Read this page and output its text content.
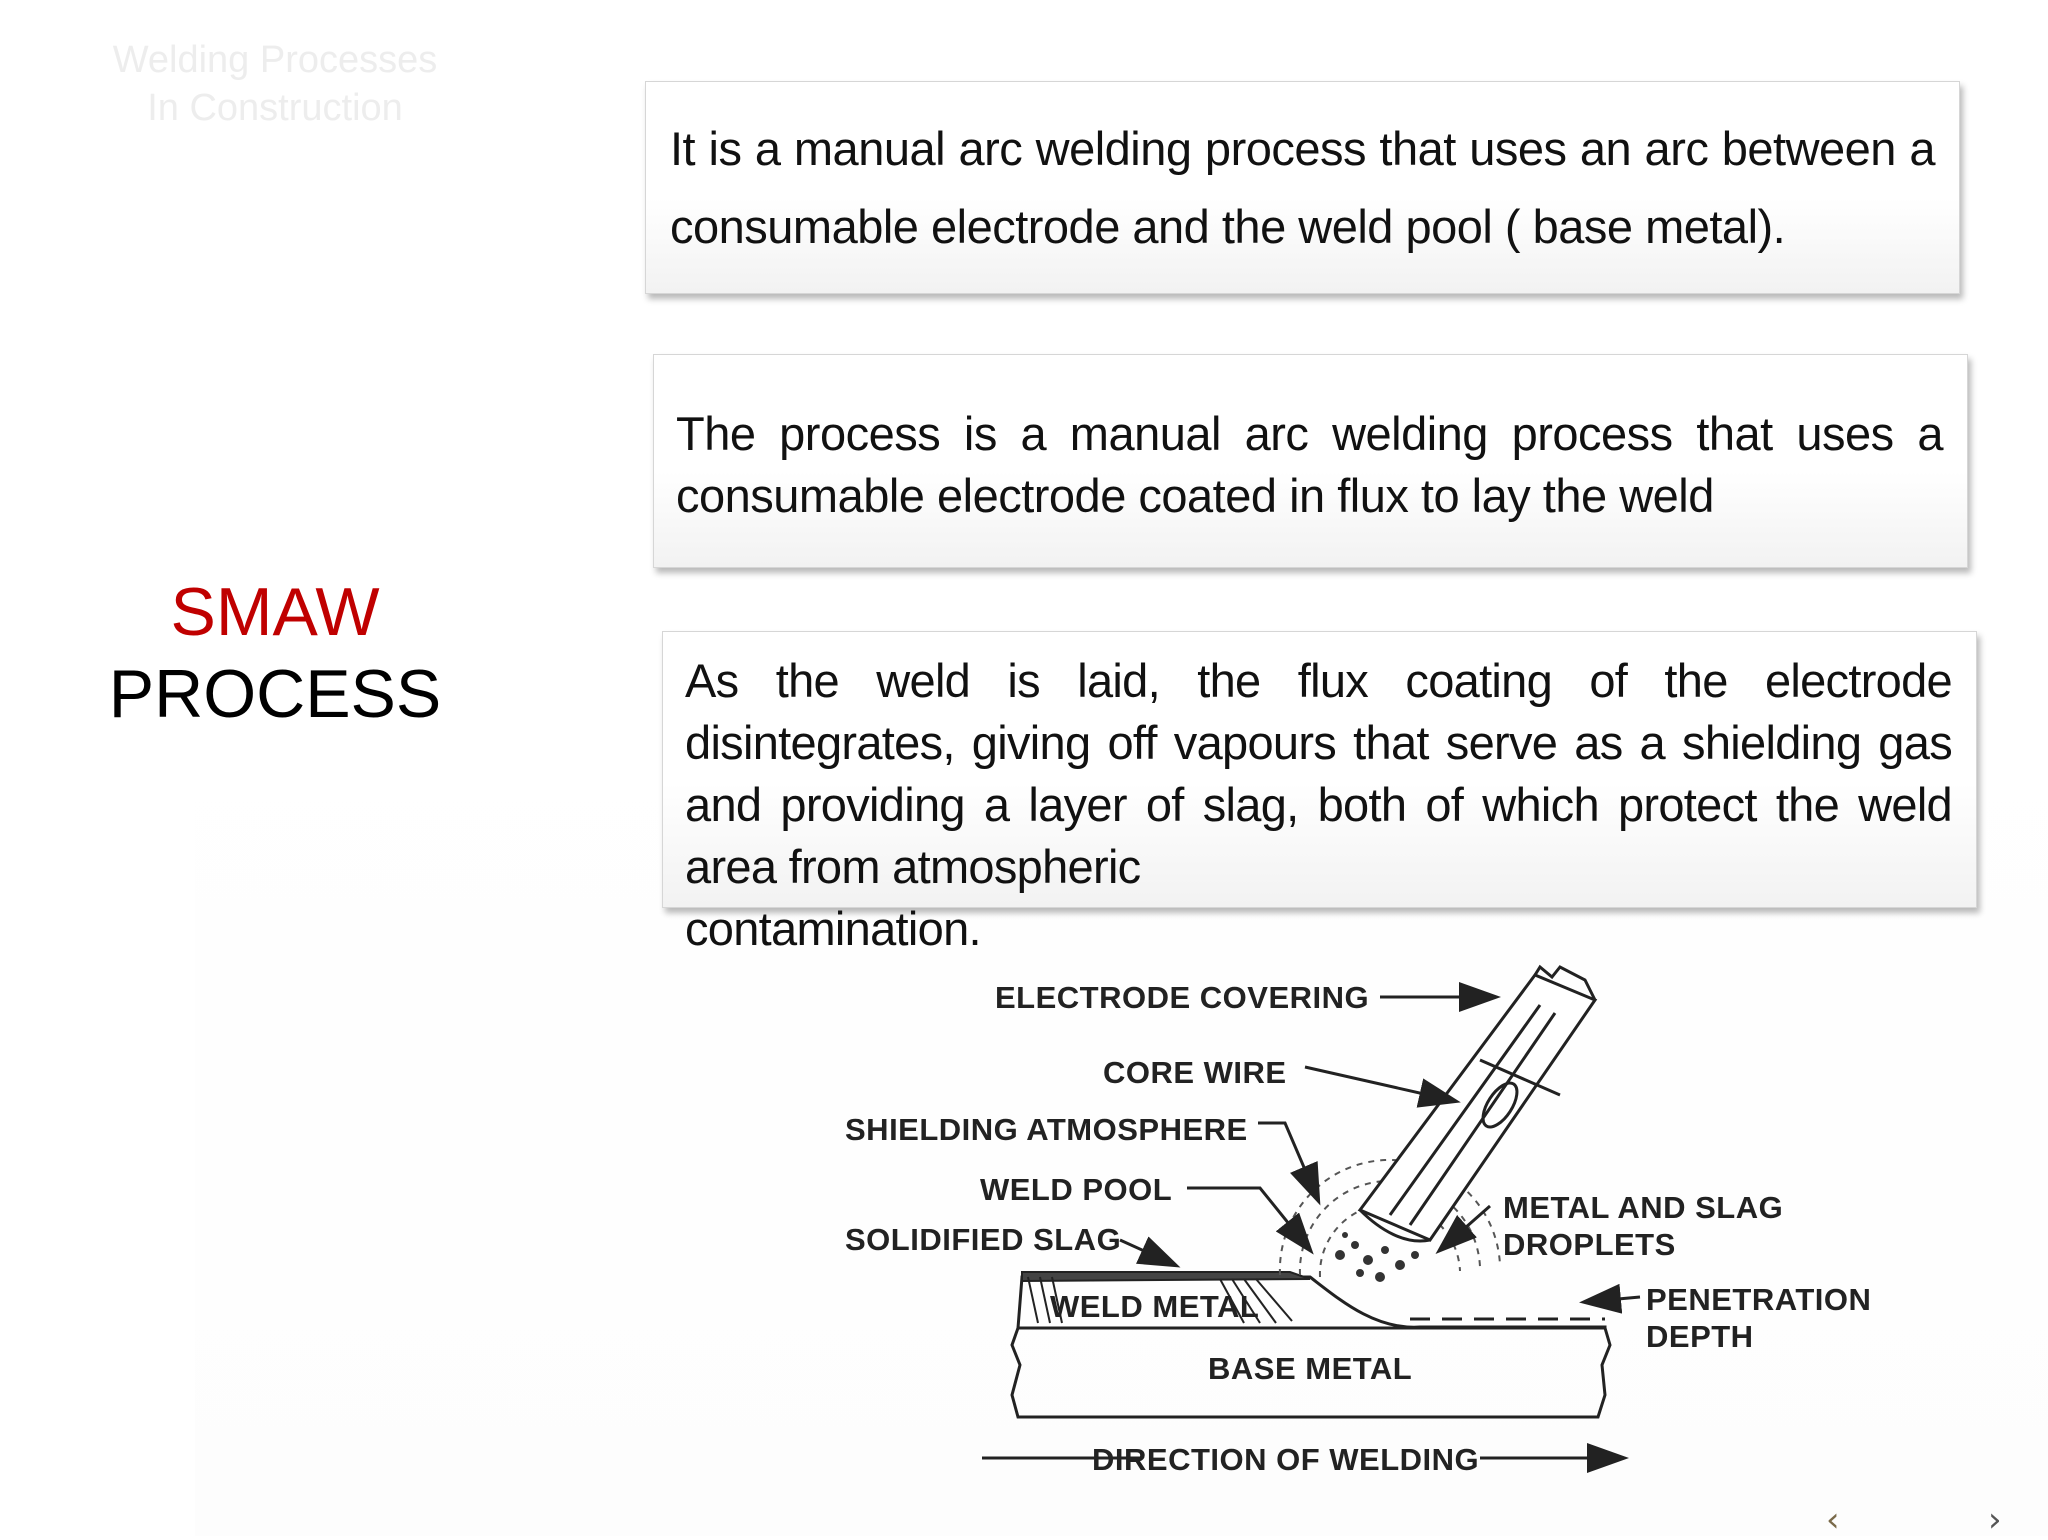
Welding Processes
In Construction
SMAW
PROCESS

It is a manual arc welding process that uses an arc between a consumable electrode and the weld pool ( base metal).

The process is a manual arc welding process that uses a consumable electrode coated in flux to lay the weld

As the weld is laid, the flux coating of the electrode disintegrates, giving off vapours that serve as a shielding gas and providing a layer of slag, both of which protect the weld area from atmospheric

contamination.

ELECTRODE COVERING
CORE WIRE
SHIELDING ATMOSPHERE
WELD POOL
SOLIDIFIED SLAG
METAL AND SLAG
DROPLETS
PENETRATION
DEPTH
WELD METAL
BASE METAL
DIRECTION OF WELDING
‹	›
